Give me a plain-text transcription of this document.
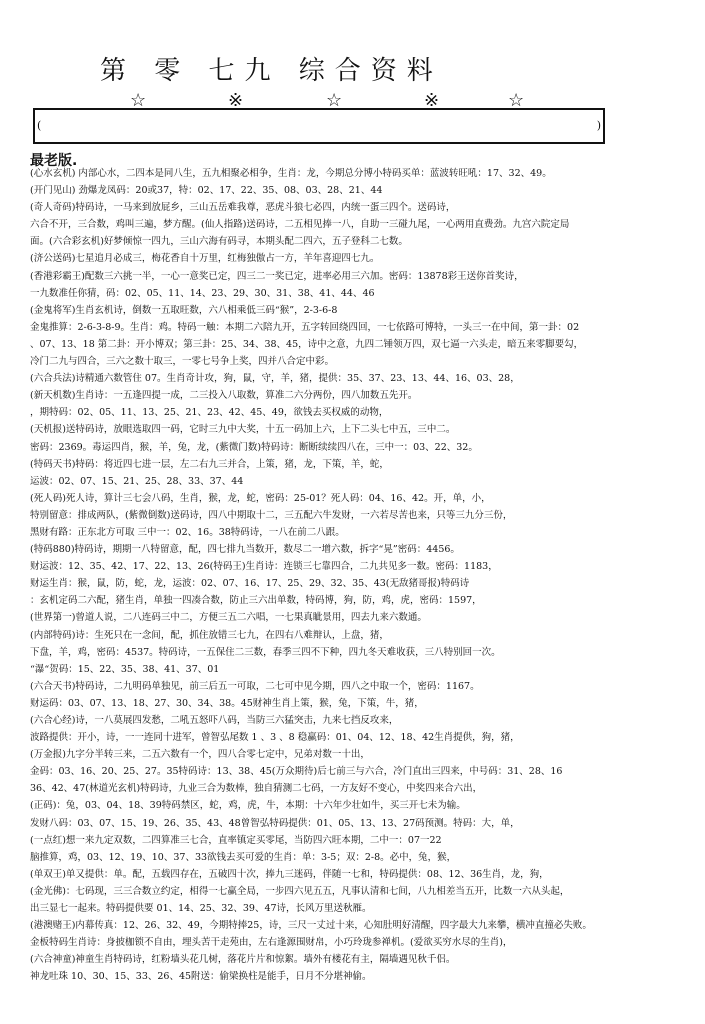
第 零 七九 综合资料
☆	※	☆	※	☆
(	)
最老版.
(心水玄机) 内部心水，二四本是同八生，五九相聚必相争，生肖：龙，今期总分博小特码买单：蓝波转旺吼：17、32、49。
(开门见山) 劲爆龙凤码：20或37，特：02、17、22、35、08、03、28、21、44
(奇人奇码)特码诗，一马来到放屁乡，三山五岳难我尊，恶虎斗狼七必四，内统一蛋三四个。送码诗，
六合不开，三合数，鸡叫三遍，梦方醒。(仙人指路)送码诗，二五相见捧一八，自助一三碰九尾，一心两用直费劲。九宫六院定局
面。(六合彩玄机)好梦倾惊一四九，三山六海有码寻，本期头配二四六，五子登科二七数。
(济公送码)七星追月必成三，梅花香自十万里，红梅独傲占一方，羊年喜迎四七九。
(香港彩霸王)配数三六挑一半，一心一意奖已定，四三二一奖已定，进率必用三六加。密码：13878彩王送你首奖诗，
一九数准任你猜，码：02、05、11、14、23、29、30、31、38、41、44、46
(金鬼将军)生肖玄机诗，倒数一五取旺数，六八相乘低三码“猴”，2-3-6-8
金鬼推算：2-6-3-8-9。生肖：鸡。特码一触：本期二六陪九开，五字转回绕四回，一七依路可博特，一头三一在中间，第一卦：02
、07、13、18 第二卦：开小博双；第三卦：25、34、38、45，诗中之意，九四二锤领万四，双七逼一六头走，暗五来零脚要勾，
冷门二九与四合，三六之数十取三，一零七号争上奖，四并八合定中彩。
(六合兵法)诗精通六数管住 07。生肖奇计攻，狗，鼠，守，羊，猪，提供：35、37、23、13、44、16、03、28，
(新天机数)生肖诗：一五逢四提一成，二三投入八取数，算准二六分两份，四八加数五先开。
，期特码：02、05、11、13、25、21、23、42、45、49，欲钱去买权威的动物，
(天机报)送特码诗，放眼选取四一码，它时三九中大奖，十五一码加上六，上下二头七中五，三中二。
密码：2369。毒运四肖，猴，羊，兔，龙，(紫微门数)特码诗：断断续续四八在，三中一：03、22、32。
(特码天书)特码：将近四七进一层，左二右九三并合，上策，猪，龙，下策，羊，蛇，
运波：02、07、15、21、25、28、33、37、44
(死人码)死人诗，算计三七会八码，生肖，猴，龙，蛇，密码：25-01？死人码：04、16、42。开，单，小，
特别留意：排成两队，(紫微倒数)送码诗，四八中期取十二，三五配六牛发财，一六若尽苦也来，只等三九分三份，
黑财有路：正东北方可取 三中一：02、16。38特码诗，一八在前二八跟。
(特码880)特码诗，期期一八特留意，配，四七排九当数开，数尽二一增六数，拆字“晃”密码：4456。
财运波：12、35、42、17、22、13、26(特码王)生肖诗：连锁三七靠四合，二九共见多一数。密码：1183，
财运生肖：猴，鼠，防，蛇，龙，运波：02、07、16、17、25、29、32、35、43(无敌猪哥报)特码诗
：玄机定码二六配，猪生肖，单独一四凑合数，防止三六出单数，特码博，狗，防，鸡，虎，密码：1597，
(世界第一)曾道人说，二八连码三中二，方便三五二六唱，一七果真眦景用，四去九来六数通。
(内部特码)诗：生死只在一念间，配，抓住放错三七九，在四右八难辩认，上盘，猪，
下盘，羊，鸡，密码：4537。特码诗，一五保住二三数，春季三四不下种，四九冬天难收获，三八特别回一次。
“瀑“贺码：15、22、35、38、41、37、01
(六合天书)特码诗，二九明码单独见，前三后五一可取，二七可中见今期，四八之中取一个，密码：1167。
财运码：03、07、13、18、27、30、34、38。45财神生肖上策，猴，兔，下策，牛，猪，
(六合心经)诗，一八莫展四发愁，二吼五怒吓八码，当防三六猛突击，九来七挡反攻来，
波路提供：开小，诗，一一连同十进军，曾智弘尾数 1 、3 、8 稳赢码：01、04、12、18、42生肖提供，狗，猪，
(万金报)九字分半转三来，二五六数有一个，四八合零七定中，兄弟对数一十出，
金码：03、16、20、25、27。35特码诗：13、38、45(万众期待)后七前三与六合，冷门直出三四来，中号码：31、28、16
36、42、47(林道光玄机)特码诗，九业三合为数棒，独自猜测二七码，一方友好不变心，中奖四来合六出，
(正码)：兔，03、04、18、39特码禁区，蛇，鸡，虎，牛，本期：十六年少壮如牛，买三开七未为输。
发财八码：03、07、15、19、26、35、43、48曾智弘特码提供：01、05、13、13、27码预测。特码：大，单，
(一点红)想一来九定双数，二四算准三七合，直率镇定买零尾，当防四六旺本期，二中一：07一22
脑推算，鸡，03、12、19、10、37、33欲钱去买可爱的生肖：单：3-5；双：2-8。必中，兔，猴，
(单双王)单又提供：单。配，五载四存在，五破四十次，捧九三迷码，伴随一七和，特码提供：08、12、36生肖，龙，狗，
(金光佛)：七码现，三三合数立约定，相得一七赢全局，一步四六见五五，凡事认清和七间，八九相差当五开，比数一六从头起，
出三显七一起来。特码提供要 01、14、25、32、39、47诗，长风万里送秋雁。
(港澳赌王)内幕传真：12、26、32、49，今期特捧25，诗，三尺一丈过十来，心知肚明好清醒，四字最大九来攀，横冲直撞必失败。
金板特码生肖诗：身披枷锁不自由，埋头苦干走苑由，左右逢源围财帛，小巧玲珑参禅机。(爱欲买穷水尽的生肖)，
(六合神童)神童生肖特码诗，红粉墙头花几树，落花片片和惊絮。墙外有楼花有主，隔墙遇见秋千侣。
神龙吐珠 10、30、15、33、26、45附送：偷梁换柱是能手，日月不分堪神偷。
